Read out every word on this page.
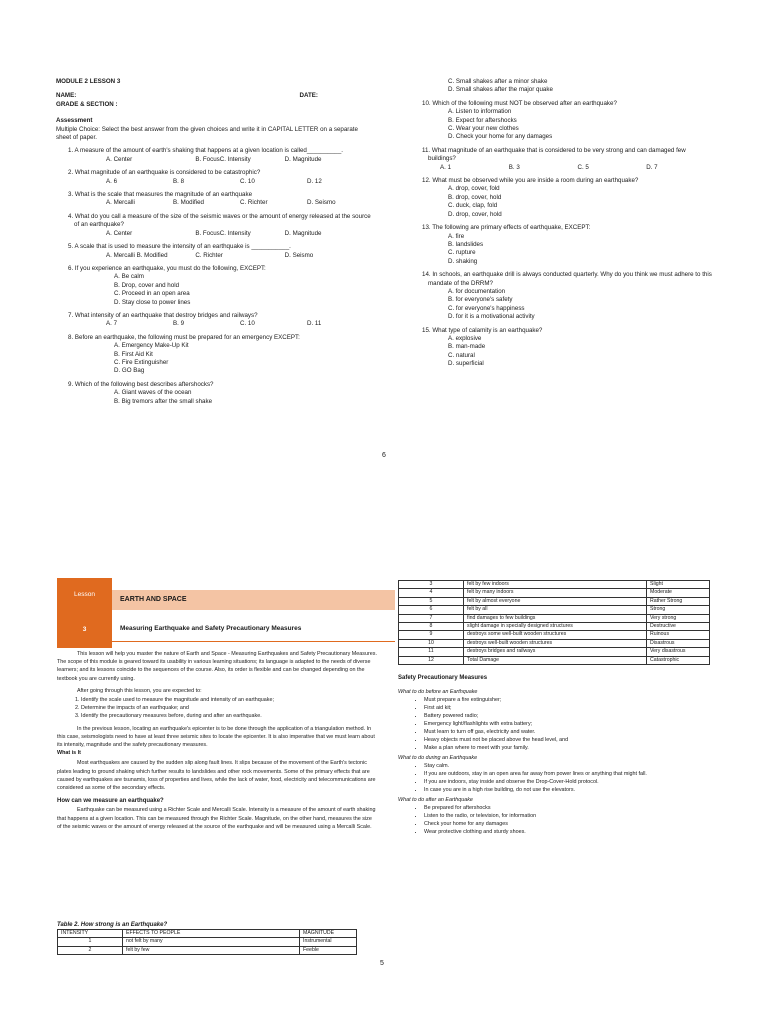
MODULE 2 LESSON 3
NAME:	DATE:
GRADE & SECTION :
Assessment
Multiple Choice: Select the best answer from the given choices and write it in CAPITAL LETTER on a separate sheet of paper.
1. A measure of the amount of earth's shaking that happens at a given location is called__________.
A. Center	B. FocusC. Intensity	D. Magnitude
2. What magnitude of an earthquake is considered to be catastrophic?
A. 6	B. 8	C. 10	D. 12
3. What is the scale that measures the magnitude of an earthquake
A. Mercalli	B. Modified	C. Richter	D. Seismo
4. What do you call a measure of the size of the seismic waves or the amount of energy released at the source of an earthquake?
A. Center	B. FocusC. Intensity	D. Magnitude
5. A scale that is used to measure the intensity of an earthquake is ___________.
A. Mercalli B. Modified	C. Richter	D. Seismo
6. If you experience an earthquake, you must do the following, EXCEPT:
A. Be calm
B. Drop, cover and hold
C. Proceed in an open area
D. Stay close to power lines
7. What intensity of an earthquake that destroy bridges and railways?
A. 7	B. 9	C. 10	D. 11
8. Before an earthquake, the following must be prepared for an emergency EXCEPT:
A. Emergency Make-Up Kit
B. First Aid Kit
C. Fire Extinguisher
D. GO Bag
9. Which of the following best describes aftershocks?
A. Giant waves of the ocean
B. Big tremors after the small shake
C. Small shakes after a minor shake
D. Small shakes after the major quake
10. Which of the following must NOT be observed after an earthquake?
A. Listen to information
B. Expect for aftershocks
C. Wear your new clothes
D. Check your home for any damages
11. What magnitude of an earthquake that is considered to be very strong and can damaged few buildings?
A. 1	B. 3	C. 5	D. 7
12. What must be observed while you are inside a room during an earthquake?
A. drop, cover, fold
B. drop, cover, hold
C. duck, clap, fold
D. drop, cover, hold
13. The following are primary effects of earthquake, EXCEPT:
A. fire
B. landslides
C. rupture
D. shaking
14. In schools, an earthquake drill is always conducted quarterly. Why do you think we must adhere to this mandate of the DRRM?
A. for documentation
B. for everyone's safety
C. for everyone's happiness
D. for it is a motivational activity
15. What type of calamity is an earthquake?
A. explosive
B. man-made
C. natural
D. superficial
6
Lesson
3
EARTH AND SPACE
Measuring Earthquake and Safety Precautionary Measures

This lesson will help you master the nature of Earth and Space - Measuring Earthquakes and Safety Precautionary Measures. The scope of this module is geared toward its usability in various learning situations; its language is adapted to the needs of diverse learners; and its lessons coincide to the sequences of the course. Also, its order is flexible and can be changed depending on the textbook you are currently using.

After going through this lesson, you are expected to:

1. Identify the scale used to measure the magnitude and intensity of an earthquake;
2. Determine the impacts of an earthquake; and
3. Identify the precautionary measures before, during and after an earthquake.

In the previous lesson, locating an earthquake's epicenter is to be done through the application of a triangulation method. In this case, seismologists need to have at least three seismic sites to locate the epicenter. It is also imperative that we must learn about its intensity, magnitude and the safety precautionary measures.

What is It

Most earthquakes are caused by the sudden slip along fault lines. It slips because of the movement of the Earth's tectonic plates leading to ground shaking which further results to landslides and other rock movements. Some of the primary effects that are caused by earthquakes are tsunamis, loss of properties and lives, while the lack of water, food, electricity and telecommunications are considered as some of the secondary effects.

How can we measure an earthquake?

Earthquake can be measured using a Richter Scale and Mercalli Scale. Intensity is a measure of the amount of earth shaking that happens at a given location. This can be measured through the Richter Scale. Magnitude, on the other hand, measures the size of the seismic waves or the amount of energy released at the source of the earthquake and will be measured using a Mercalli Scale.

Table 2. How strong is an Earthquake?
INTENSITY	EFFECTS TO PEOPLE	MAGNITUDE
1	not felt by many	Instrumental
2	felt by few	Feeble
3	felt by few indoors	Slight
4	felt by many indoors	Moderate
5	felt by almost everyone	Rather Strong
6	felt by all	Strong
7	find damages to few buildings	Very strong
8	slight damage in specially designed structures	Destructive
9	destroys some well-built wooden structures	Ruinous
10	destroys well-built wooden structures	Disastrous
11	destroys bridges and railways	Very disastrous
12	Total Damage	Catastrophic
Safety Precautionary Measures
What to do before an Earthquake
• Must prepare a fire extinguisher;
• First aid kit;
• Battery powered radio;
• Emergency light/flashlights with extra battery;
• Must learn to turn off gas, electricity and water.
• Heavy objects must not be placed above the head level, and
• Make a plan where to meet with your family.
What to do during an Earthquake
• Stay calm.
• If you are outdoors, stay in an open area far away from power lines or anything that might fall.
• If you are indoors, stay inside and observe the Drop-Cover-Hold protocol.
• In case you are in a high rise building, do not use the elevators.
What to do after an Earthquake
• Be prepared for aftershocks
• Listen to the radio, or television, for information
• Check your home for any damages
• Wear protective clothing and sturdy shoes.
5
